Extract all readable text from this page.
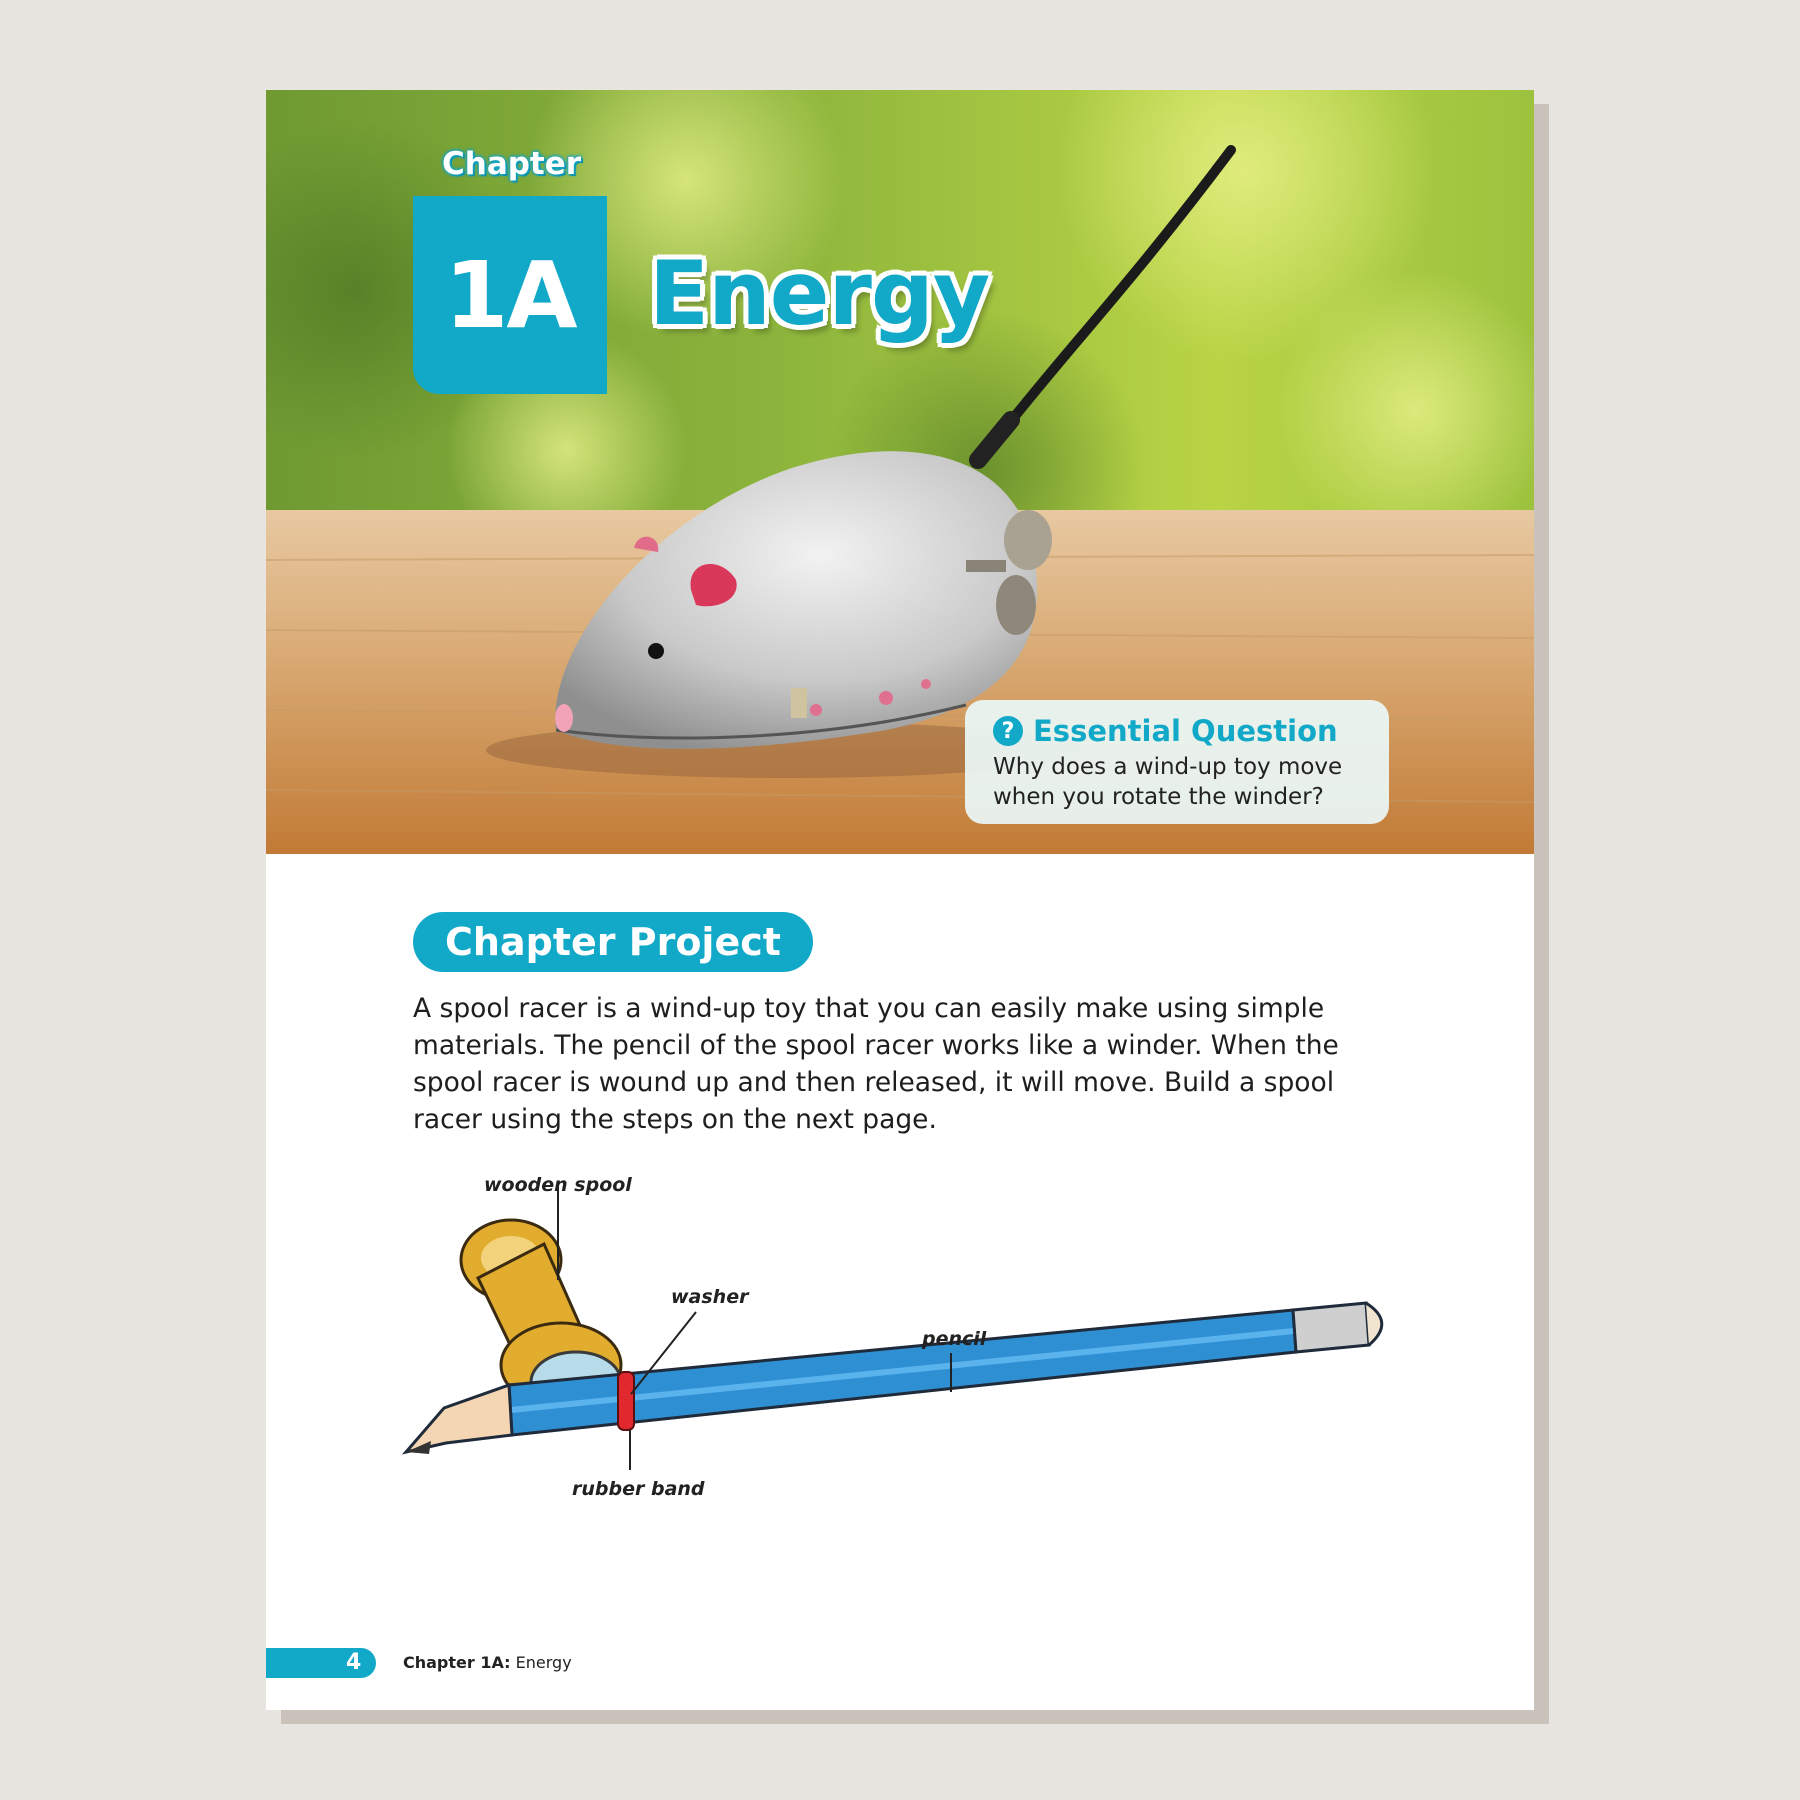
Chapter

1A Energy
? Essential Question
Why does a wind-up toy move
when you rotate the winder?
Chapter Project
A spool racer is a wind-up toy that you can easily make using simple
materials. The pencil of the spool racer works like a winder. When the
spool racer is wound up and then released, it will move. Build a spool
racer using the steps on the next page.
wooden spool
washer
pencil
rubber band
4	Chapter 1A: Energy
